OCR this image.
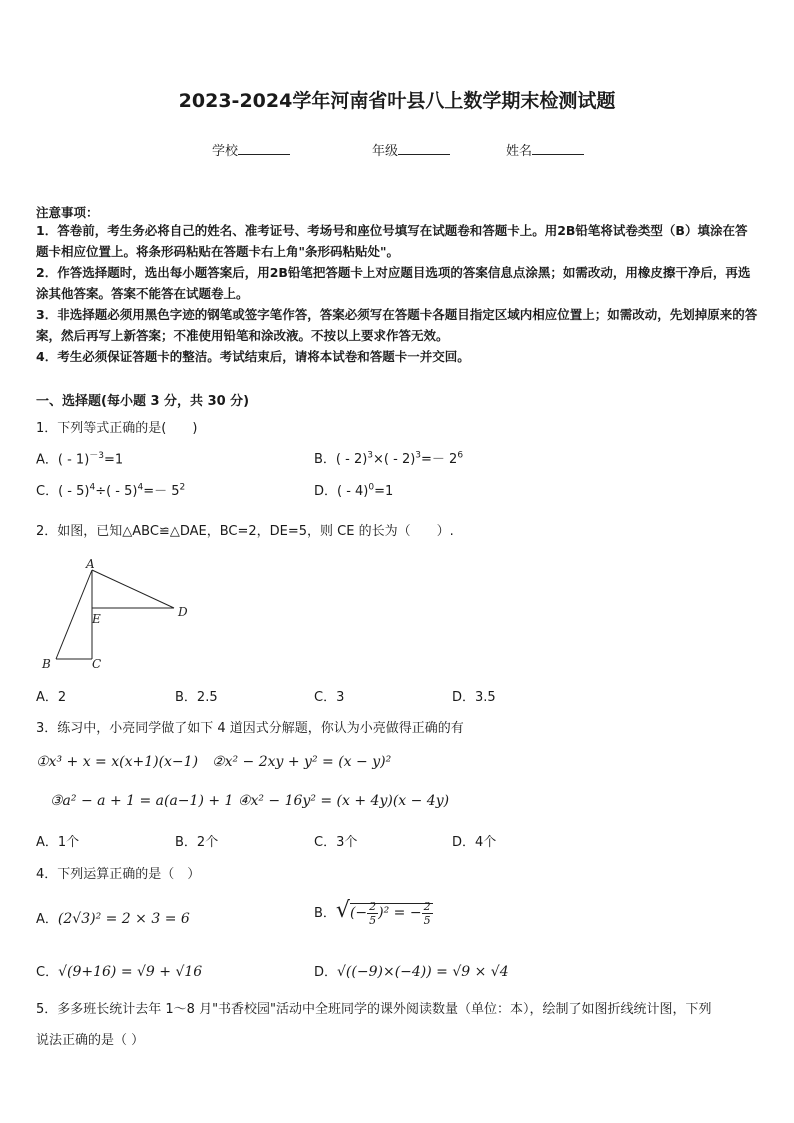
2023-2024学年河南省叶县八上数学期末检测试题
学校	年级	姓名
注意事项：
1．答卷前，考生务必将自己的姓名、准考证号、考场号和座位号填写在试题卷和答题卡上。用2B铅笔将试卷类型（B）填涂在答题卡相应位置上。将条形码粘贴在答题卡右上角"条形码粘贴处"。
2．作答选择题时，选出每小题答案后，用2B铅笔把答题卡上对应题目选项的答案信息点涂黑；如需改动，用橡皮擦干净后，再选涂其他答案。答案不能答在试题卷上。
3．非选择题必须用黑色字迹的钢笔或签字笔作答，答案必须写在答题卡各题目指定区域内相应位置上；如需改动，先划掉原来的答案，然后再写上新答案；不准使用铅笔和涂改液。不按以上要求作答无效。
4．考生必须保证答题卡的整洁。考试结束后，请将本试卷和答题卡一并交回。
一、选择题(每小题 3 分，共 30 分)
1．下列等式正确的是(　　)
A．( - 1)$^{-3}$=1	B．( - $2)^3\times( - 2)^3=- 2^6$
C．( - $5)^4\div( - 5)^4=- 5^2$	D．( - 4)$^0$=1
2．如图，已知△ABC≌△DAE，BC=2，DE=5，则 CE 的长为（　　）.
A
B	C
D
E
A．2	B．2.5	C．3	D．3.5
3．练习中，小亮同学做了如下 4 道因式分解题，你认为小亮做得正确的有
①x³ + x = x(x+1)(x−1)　②x² − 2xy + y² = (x − y)²
③a² − a + 1 = a(a−1) + 1 ④x² − 16y² = (x + 4y)(x − 4y)
A．1个	B．2个	C．3个	D．4个
4．下列运算正确的是（　）
A．(2√3)² = 2 × 3 = 6	B．√(− $\frac{2}{5} )^2$ = − $\frac{2}{5}$
C．√(9+16) = √9 + √16	D．√((−9)×(−4)) = √9 × √4
5．多多班长统计去年 1～8 月"书香校园"活动中全班同学的课外阅读数量（单位：本），绘制了如图折线统计图，下列
说法正确的是（ ）
